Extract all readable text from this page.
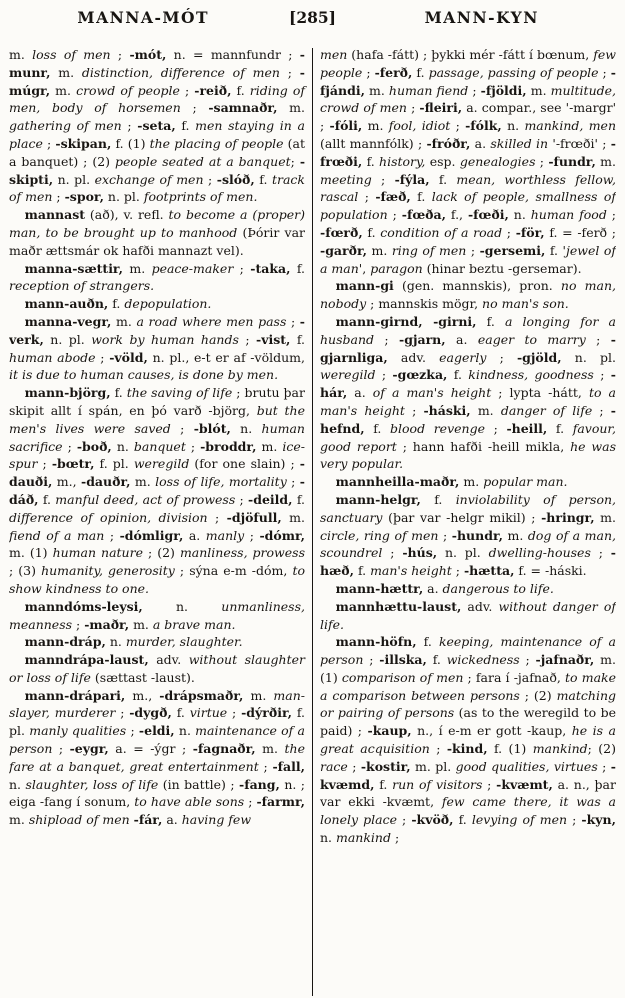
MANNA-MÓT	[285]	MANN-KYN

m. loss of men ; -mót, n. = mannfundr ; -munr, m. distinction, difference of men ; -múgr, m. crowd of people ; -reið, f. riding of men, body of horsemen ; -samnaðr, m. gathering of men ; -seta, f. men staying in a place ; -skipan, f. (1) the placing of people (at a banquet) ; (2) people seated at a banquet; -skipti, n. pl. exchange of men ; -slóð, f. track of men ; -spor, n. pl. footprints of men.

mannast (að), v. refl. to become a (proper) man, to be brought up to manhood (Þórir var maðr ættsmár ok hafði mannazt vel).

manna-sættir, m. peace-maker ; -taka, f. reception of strangers.

mann-auðn, f. depopulation.

manna-vegr, m. a road where men pass ; -verk, n. pl. work by human hands ; -vist, f. human abode ; -völd, n. pl., e-t er af -völdum, it is due to human causes, is done by men.

mann-björg, f. the saving of life ; brutu þar skipit allt í spán, en þó varð -björg, but the men's lives were saved ; -blót, n. human sacrifice ; -boð, n. banquet ; -broddr, m. ice-spur ; -bœtr, f. pl. weregild (for one slain) ; -dauði, m., -dauðr, m. loss of life, mortality ; -dáð, f. manful deed, act of prowess ; -deild, f. difference of opinion, division ; -djöfull, m. fiend of a man ; -dómligr, a. manly ; -dómr, m. (1) human nature ; (2) manliness, prowess ; (3) humanity, generosity ; sýna e-m -dóm, to show kindness to one.

manndóms-leysi, n. unmanliness, meanness ; -maðr, m. a brave man.

mann-dráp, n. murder, slaughter.

manndrápa-laust, adv. without slaughter or loss of life (sættast -laust).

mann-drápari, m., -drápsmaðr, m. man-slayer, murderer ; -dygð, f. virtue ; -dýrðir, f. pl. manly qualities ; -eldi, n. maintenance of a person ; -eygr, a. = -ýgr ; -fagnaðr, m. the fare at a banquet, great entertainment ; -fall, n. slaughter, loss of life (in battle) ; -fang, n. ; eiga -fang í sonum, to have able sons ; -farmr, m. shipload of men -fár, a. having few

men (hafa -fátt) ; þykki mér -fátt í bœnum, few people ; -ferð, f. passage, passing of people ; -fjándi, m. human fiend ; -fjöldi, m. multitude, crowd of men ; -fleiri, a. compar., see '-margr' ; -fóli, m. fool, idiot ; -fólk, n. mankind, men (allt mannfólk) ; -fróðr, a. skilled in '-frœði' ; -frœði, f. history, esp. genealogies ; -fundr, m. meeting ; -fýla, f. mean, worthless fellow, rascal ; -fæð, f. lack of people, smallness of population ; -fœða, f., -fœði, n. human food ; -fœrð, f. condition of a road ; -för, f. = -ferð ; -garðr, m. ring of men ; -gersemi, f. 'jewel of a man', paragon (hinar beztu -gersemar).

mann-gi (gen. mannskis), pron. no man, nobody ; mannskis mögr, no man's son.

mann-girnd, -girni, f. a longing for a husband ; -gjarn, a. eager to marry ; -gjarnliga, adv. eagerly ; -gjöld, n. pl. weregild ; -gœzka, f. kindness, goodness ; -hár, a. of a man's height ; lypta -hátt, to a man's height ; -háski, m. danger of life ; -hefnd, f. blood revenge ; -heill, f. favour, good report ; hann hafði -heill mikla, he was very popular.

mannheilla-maðr, m. popular man.

mann-helgr, f. inviolability of person, sanctuary (þar var -helgr mikil) ; -hringr, m. circle, ring of men ; -hundr, m. dog of a man, scoundrel ; -hús, n. pl. dwelling-houses ; -hæð, f. man's height ; -hætta, f. = -háski.

mann-hættr, a. dangerous to life.

mannhættu-laust, adv. without danger of life.

mann-höfn, f. keeping, maintenance of a person ; -illska, f. wickedness ; -jafnaðr, m. (1) comparison of men ; fara í -jafnað, to make a comparison between persons ; (2) matching or pairing of persons (as to the weregild to be paid) ; -kaup, n., í e-m er gott -kaup, he is a great acquisition ; -kind, f. (1) mankind; (2) race ; -kostir, m. pl. good qualities, virtues ; -kvæmd, f. run of visitors ; -kvæmt, a. n., þar var ekki -kvæmt, few came there, it was a lonely place ; -kvöð, f. levying of men ; -kyn, n. mankind ;
